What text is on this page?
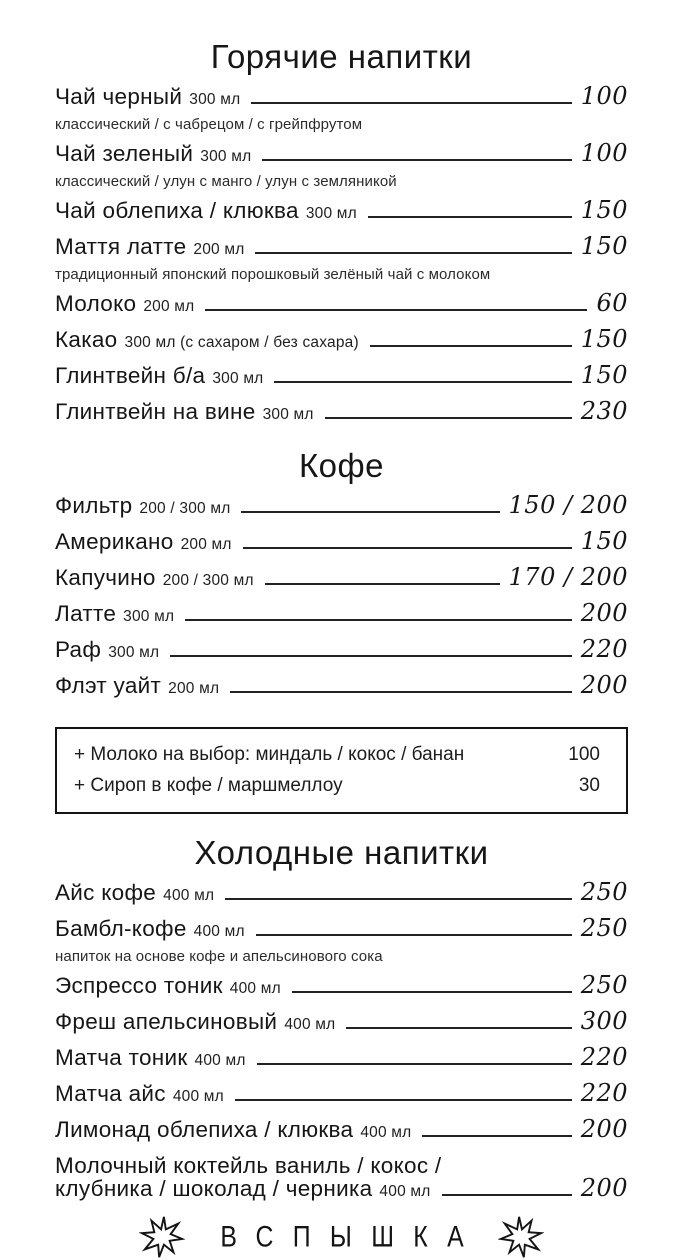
Горячие напитки
Чай черный 300 мл	100
классический / с чабрецом / с грейпфрутом
Чай зеленый 300 мл	100
классический / улун с манго / улун с земляникой
Чай облепиха / клюква 300 мл	150
Маття латте 200 мл	150
традиционный японский порошковый зелёный чай с молоком
Молоко 200 мл	60
Какао 300 мл (с сахаром / без сахара)	150
Глинтвейн б/а 300 мл	150
Глинтвейн на вине 300 мл	230
Кофе
Фильтр 200 / 300 мл	150 / 200
Американо 200 мл	150
Капучино 200 / 300 мл	170 / 200
Латте 300 мл	200
Раф 300 мл	220
Флэт уайт 200 мл	200
+ Молоко на выбор: миндаль / кокос / банан	100
+ Сироп в кофе / маршмеллоу	30
Холодные напитки
Айс кофе 400 мл	250
Бамбл-кофе 400 мл	250
напиток на основе кофе и апельсинового сока
Эспрессо тоник 400 мл	250
Фреш апельсиновый 400 мл	300
Матча тоник 400 мл	220
Матча айс 400 мл	220
Лимонад облепиха / клюква 400 мл	200
Молочный коктейль ваниль / кокос /
клубника / шоколад / черника 400 мл	200
ВСПЫШКА
